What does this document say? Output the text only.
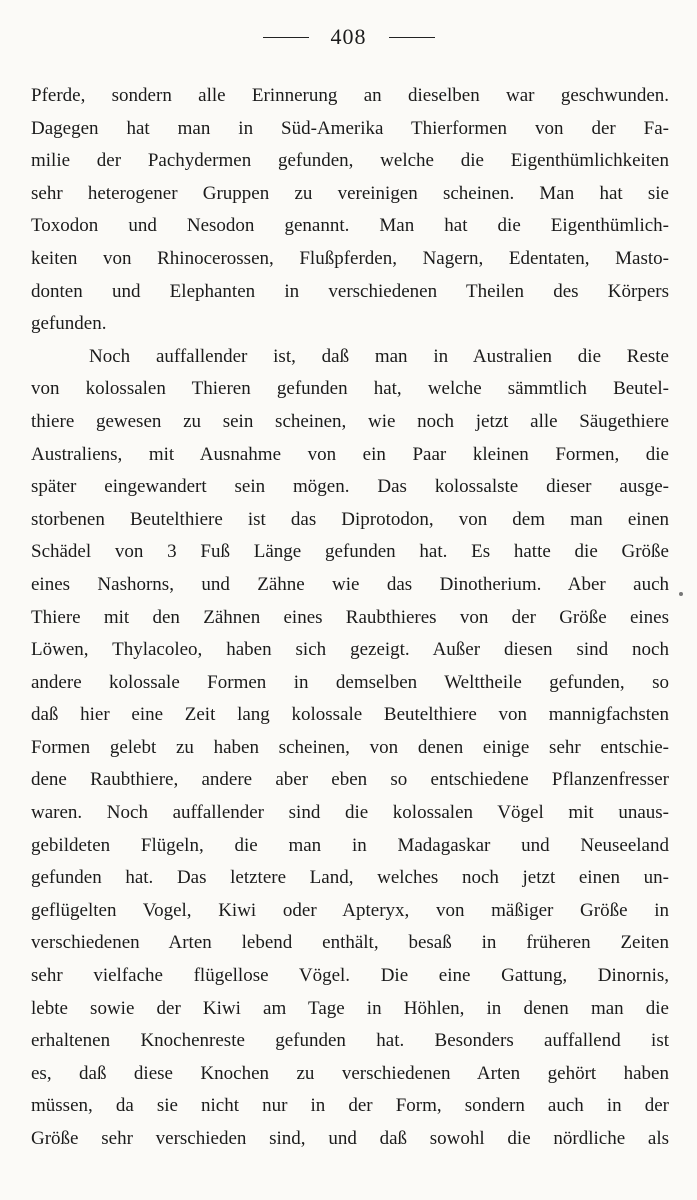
408
Pferde, sondern alle Erinnerung an dieselben war geschwunden.
Dagegen hat man in Süd-Amerika Thierformen von der Fa-
milie der Pachydermen gefunden, welche die Eigenthümlichkeiten
sehr heterogener Gruppen zu vereinigen scheinen. Man hat sie
Toxodon und Nesodon genannt. Man hat die Eigenthümlich-
keiten von Rhinocerossen, Flußpferden, Nagern, Edentaten, Masto-
donten und Elephanten in verschiedenen Theilen des Körpers
gefunden.
Noch auffallender ist, daß man in Australien die Reste
von kolossalen Thieren gefunden hat, welche sämmtlich Beutel-
thiere gewesen zu sein scheinen, wie noch jetzt alle Säugethiere
Australiens, mit Ausnahme von ein Paar kleinen Formen, die
später eingewandert sein mögen. Das kolossalste dieser ausge-
storbenen Beutelthiere ist das Diprotodon, von dem man einen
Schädel von 3 Fuß Länge gefunden hat. Es hatte die Größe
eines Nashorns, und Zähne wie das Dinotherium. Aber auch
Thiere mit den Zähnen eines Raubthieres von der Größe eines
Löwen, Thylacoleo, haben sich gezeigt. Außer diesen sind noch
andere kolossale Formen in demselben Welttheile gefunden, so
daß hier eine Zeit lang kolossale Beutelthiere von mannigfachsten
Formen gelebt zu haben scheinen, von denen einige sehr entschie-
dene Raubthiere, andere aber eben so entschiedene Pflanzenfresser
waren. Noch auffallender sind die kolossalen Vögel mit unaus-
gebildeten Flügeln, die man in Madagaskar und Neuseeland
gefunden hat. Das letztere Land, welches noch jetzt einen un-
geflügelten Vogel, Kiwi oder Apteryx, von mäßiger Größe in
verschiedenen Arten lebend enthält, besaß in früheren Zeiten
sehr vielfache flügellose Vögel. Die eine Gattung, Dinornis,
lebte sowie der Kiwi am Tage in Höhlen, in denen man die
erhaltenen Knochenreste gefunden hat. Besonders auffallend ist
es, daß diese Knochen zu verschiedenen Arten gehört haben
müssen, da sie nicht nur in der Form, sondern auch in der
Größe sehr verschieden sind, und daß sowohl die nördliche als
